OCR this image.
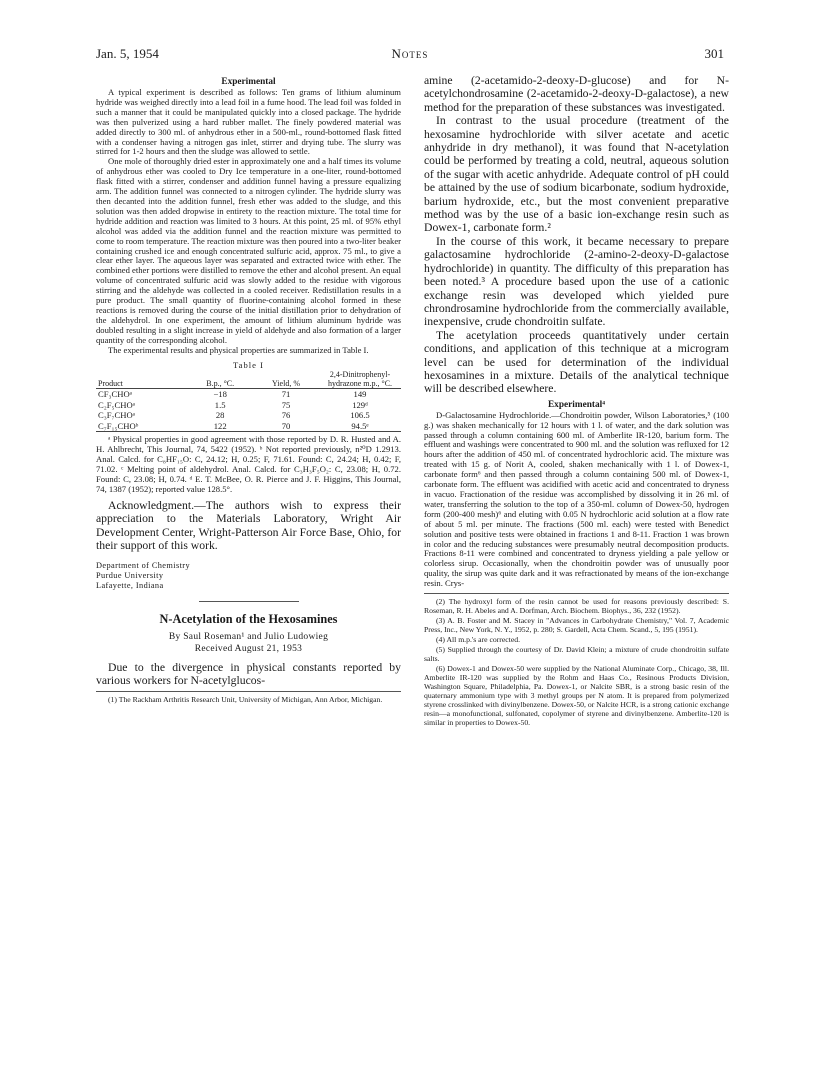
Jan. 5, 1954	Notes	301
Experimental

A typical experiment is described as follows: Ten grams of lithium aluminum hydride was weighed directly into a lead foil in a fume hood. The lead foil was folded in such a manner that it could be manipulated quickly into a closed package. The hydride was then pulverized using a hard rubber mallet. The finely powdered material was added directly to 300 ml. of anhydrous ether in a 500-ml., round-bottomed flask fitted with a condenser having a nitrogen gas inlet, stirrer and drying tube. The slurry was stirred for 1-2 hours and then the sludge was allowed to settle.

One mole of thoroughly dried ester in approximately one and a half times its volume of anhydrous ether was cooled to Dry Ice temperature in a one-liter, round-bottomed flask fitted with a stirrer, condenser and addition funnel having a pressure equalizing arm. The addition funnel was connected to a nitrogen cylinder. The hydride slurry was then decanted into the addition funnel, fresh ether was added to the sludge, and this solution was then added dropwise in entirety to the reaction mixture. The total time for hydride addition and reaction was limited to 3 hours. At this point, 25 ml. of 95% ethyl alcohol was added via the addition funnel and the reaction mixture was permitted to come to room temperature. The reaction mixture was then poured into a two-liter beaker containing crushed ice and enough concentrated sulfuric acid, approx. 75 ml., to give a clear ether layer. The aqueous layer was separated and extracted twice with ether. The combined ether portions were distilled to remove the ether and alcohol present. An equal volume of concentrated sulfuric acid was slowly added to the residue with vigorous stirring and the aldehyde was collected in a cooled receiver. Redistillation results in a pure product. The small quantity of fluorine-containing alcohol formed in these reactions is removed during the course of the initial distillation prior to dehydration of the aldehydrol. In one experiment, the amount of lithium aluminum hydride was doubled resulting in a slight increase in yield of aldehyde and also formation of a larger quantity of the corresponding alcohol.

The experimental results and physical properties are summarized in Table I.

Table I
Product	B.p., °C.	Yield, %	2,4-Dinitrophenyl-hydrazone m.p., °C.
CF₃CHOᵃ	−18	71	149
C₂F₅CHOᵃ	1.5	75	129ᵈ
C₃F₇CHOᵃ	28	76	106.5
C₇F₁₅CHOᵇ	122	70	94.5ᵉ

ᵃ Physical properties in good agreement with those reported by D. R. Husted and A. H. Ahlbrecht, This Journal, 74, 5422 (1952). ᵇ Not reported previously, n²⁰D 1.2913. Anal. Calcd. for C₈HF₁₅O: C, 24.12; H, 0.25; F, 71.61. Found: C, 24.24; H, 0.42; F, 71.02. ᶜ Melting point of aldehydrol. Anal. Calcd. for C₃H₃F₅O₂: C, 23.08; H, 0.72. Found: C, 23.08; H, 0.74. ᵈ E. T. McBee, O. R. Pierce and J. F. Higgins, This Journal, 74, 1387 (1952); reported value 128.5°.

Acknowledgment.—The authors wish to express their appreciation to the Materials Laboratory, Wright Air Development Center, Wright-Patterson Air Force Base, Ohio, for their support of this work.

Department of Chemistry
Purdue University
Lafayette, Indiana
N-Acetylation of the Hexosamines
By Saul Roseman¹ and Julio Ludowieg
Received August 21, 1953

Due to the divergence in physical constants reported by various workers for N-acetylglucos-

(1) The Rackham Arthritis Research Unit, University of Michigan, Ann Arbor, Michigan.

amine (2-acetamido-2-deoxy-D-glucose) and for N-acetylchondrosamine (2-acetamido-2-deoxy-D-galactose), a new method for the preparation of these substances was investigated.

In contrast to the usual procedure (treatment of the hexosamine hydrochloride with silver acetate and acetic anhydride in dry methanol), it was found that N-acetylation could be performed by treating a cold, neutral, aqueous solution of the sugar with acetic anhydride. Adequate control of pH could be attained by the use of sodium bicarbonate, sodium hydroxide, barium hydroxide, etc., but the most convenient preparative method was by the use of a basic ion-exchange resin such as Dowex-1, carbonate form.²

In the course of this work, it became necessary to prepare galactosamine hydrochloride (2-amino-2-deoxy-D-galactose hydrochloride) in quantity. The difficulty of this preparation has been noted.³ A procedure based upon the use of a cationic exchange resin was developed which yielded pure chrondrosamine hydrochloride from the commercially available, inexpensive, crude chondroitin sulfate.

The acetylation proceeds quantitatively under certain conditions, and application of this technique at a microgram level can be used for determination of the individual hexosamines in a mixture. Details of the analytical technique will be described elsewhere.

Experimental⁴

D-Galactosamine Hydrochloride.—Chondroitin powder, Wilson Laboratories,⁵ (100 g.) was shaken mechanically for 12 hours with 1 l. of water, and the dark solution was passed through a column containing 600 ml. of Amberlite IR-120, barium form. The effluent and washings were concentrated to 900 ml. and the solution was refluxed for 12 hours after the addition of 450 ml. of concentrated hydrochloric acid. The mixture was treated with 15 g. of Norit A, cooled, shaken mechanically with 1 l. of Dowex-1, carbonate form⁶ and then passed through a column containing 500 ml. of Dowex-1, carbonate form. The effluent was acidified with acetic acid and concentrated to dryness in vacuo. Fractionation of the residue was accomplished by dissolving it in 26 ml. of water, transferring the solution to the top of a 350-ml. column of Dowex-50, hydrogen form (200-400 mesh)⁶ and eluting with 0.05 N hydrochloric acid solution at a flow rate of about 5 ml. per minute. The fractions (500 ml. each) were tested with Benedict solution and positive tests were obtained in fractions 1 and 8-11. Fraction 1 was brown in color and the reducing substances were presumably neutral decomposition products. Fractions 8-11 were combined and concentrated to dryness yielding a pale yellow or colorless sirup. Occasionally, when the chondroitin powder was of unusually poor quality, the sirup was quite dark and it was refractionated by means of the ion-exchange resin. Crys-

(2) The hydroxyl form of the resin cannot be used for reasons previously described: S. Roseman, R. H. Abeles and A. Dorfman, Arch. Biochem. Biophys., 36, 232 (1952).

(3) A. B. Foster and M. Stacey in "Advances in Carbohydrate Chemistry," Vol. 7, Academic Press, Inc., New York, N. Y., 1952, p. 280; S. Gardell, Acta Chem. Scand., 5, 195 (1951).

(4) All m.p.'s are corrected.

(5) Supplied through the courtesy of Dr. David Klein; a mixture of crude chondroitin sulfate salts.

(6) Dowex-1 and Dowex-50 were supplied by the National Aluminate Corp., Chicago, 38, Ill. Amberlite IR-120 was supplied by the Rohm and Haas Co., Resinous Products Division, Washington Square, Philadelphia, Pa. Dowex-1, or Nalcite SBR, is a strong basic resin of the quaternary ammonium type with 3 methyl groups per N atom. It is prepared from polymerized styrene crosslinked with divinylbenzene. Dowex-50, or Nalcite HCR, is a strong cationic exchange resin—a monofunctional, sulfonated, copolymer of styrene and divinylbenzene. Amberlite-120 is similar in properties to Dowex-50.
